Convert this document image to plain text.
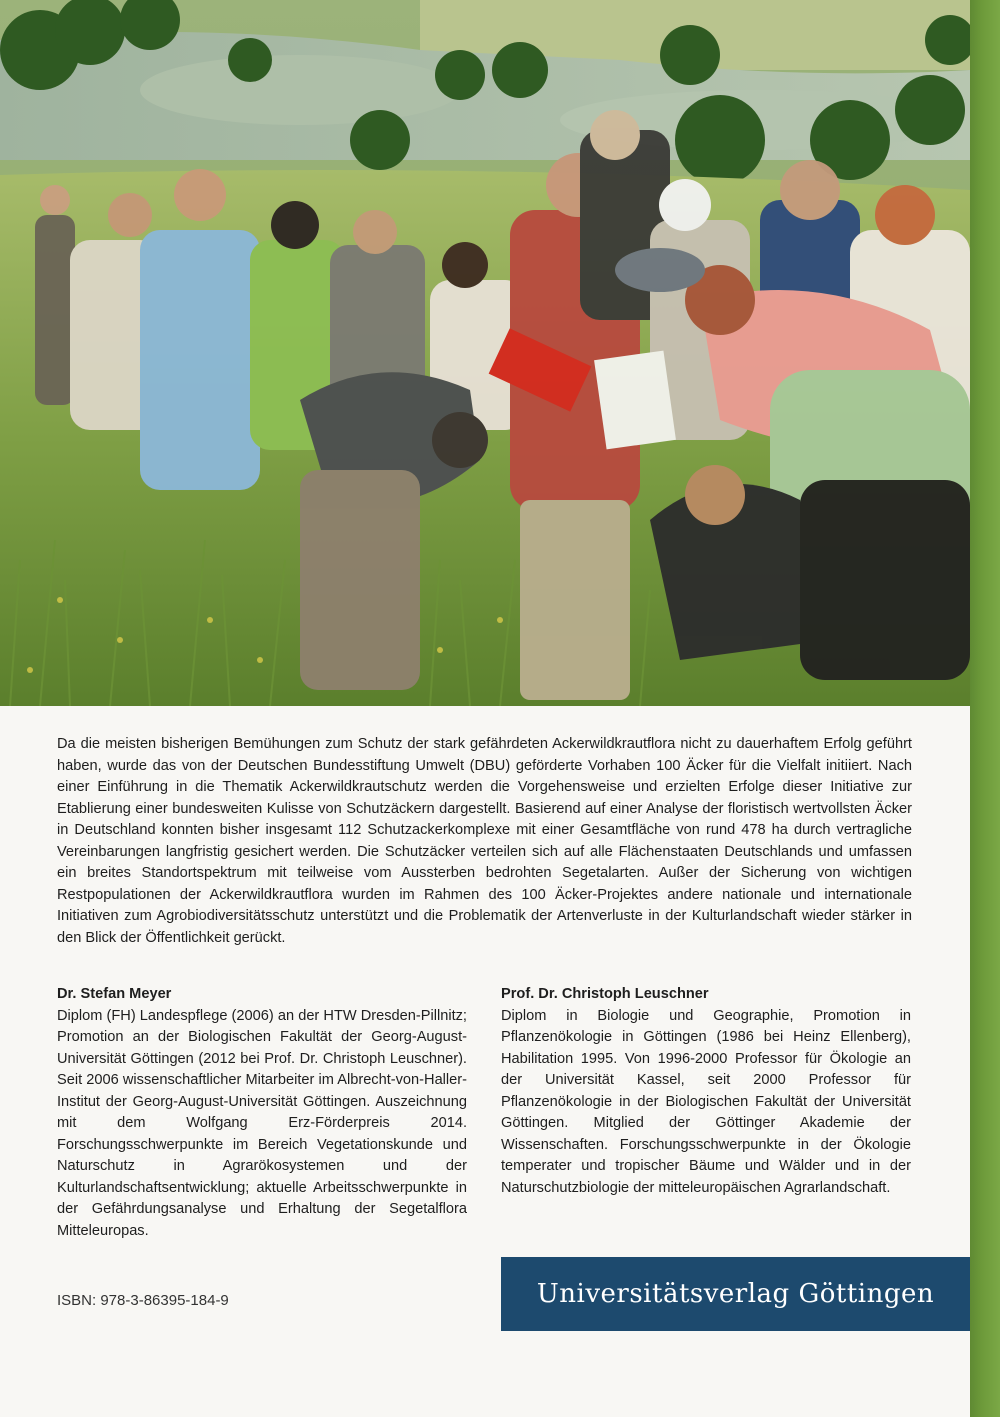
Da die meisten bisherigen Bemühungen zum Schutz der stark gefährdeten Ackerwildkrautflora nicht zu dauerhaftem Erfolg geführt haben, wurde das von der Deutschen Bundesstiftung Umwelt (DBU) geförderte Vorhaben 100 Äcker für die Vielfalt initiiert. Nach einer Einführung in die Thematik Ackerwildkrautschutz werden die Vorgehensweise und erzielten Erfolge dieser Initiative zur Etablierung einer bundesweiten Kulisse von Schutzäckern dargestellt. Basierend auf einer Analyse der floristisch wertvollsten Äcker in Deutschland konnten bisher insgesamt 112 Schutzackerkomplexe mit einer Gesamtfläche von rund 478 ha durch vertragliche Vereinbarungen langfristig gesichert werden. Die Schutzäcker verteilen sich auf alle Flächenstaaten Deutschlands und umfassen ein breites Standortspektrum mit teilweise vom Aussterben bedrohten Segetalarten. Außer der Sicherung von wichtigen Restpopulationen der Ackerwildkrautflora wurden im Rahmen des 100 Äcker-Projektes andere nationale und internationale Initiativen zum Agrobiodiversitätsschutz unterstützt und die Problematik der Artenverluste in der Kulturlandschaft wieder stärker in den Blick der Öffentlichkeit gerückt.

Dr. Stefan Meyer

Diplom (FH) Landespflege (2006) an der HTW Dresden-Pillnitz; Promotion an der Biologischen Fakultät der Georg-August-Universität Göttingen (2012 bei Prof. Dr. Christoph Leuschner). Seit 2006 wissenschaftlicher Mitarbeiter im Albrecht-von-Haller-Institut der Georg-August-Universität Göttingen. Auszeichnung mit dem Wolfgang Erz-Förderpreis 2014. Forschungsschwerpunkte im Bereich Vegetationskunde und Naturschutz in Agrarökosystemen und der Kulturlandschaftsentwicklung; aktuelle Arbeitsschwerpunkte in der Gefährdungsanalyse und Erhaltung der Segetalflora Mitteleuropas.

Prof. Dr. Christoph Leuschner

Diplom in Biologie und Geographie, Promotion in Pflanzenökologie in Göttingen (1986 bei Heinz Ellenberg), Habilitation 1995. Von 1996-2000 Professor für Ökologie an der Universität Kassel, seit 2000 Professor für Pflanzenökologie in der Biologischen Fakultät der Universität Göttingen. Mitglied der Göttinger Akademie der Wissenschaften. Forschungsschwerpunkte in der Ökologie temperater und tropischer Bäume und Wälder und in der Naturschutzbiologie der mitteleuropäischen Agrarlandschaft.

ISBN: 978-3-86395-184-9	Universitätsverlag Göttingen
